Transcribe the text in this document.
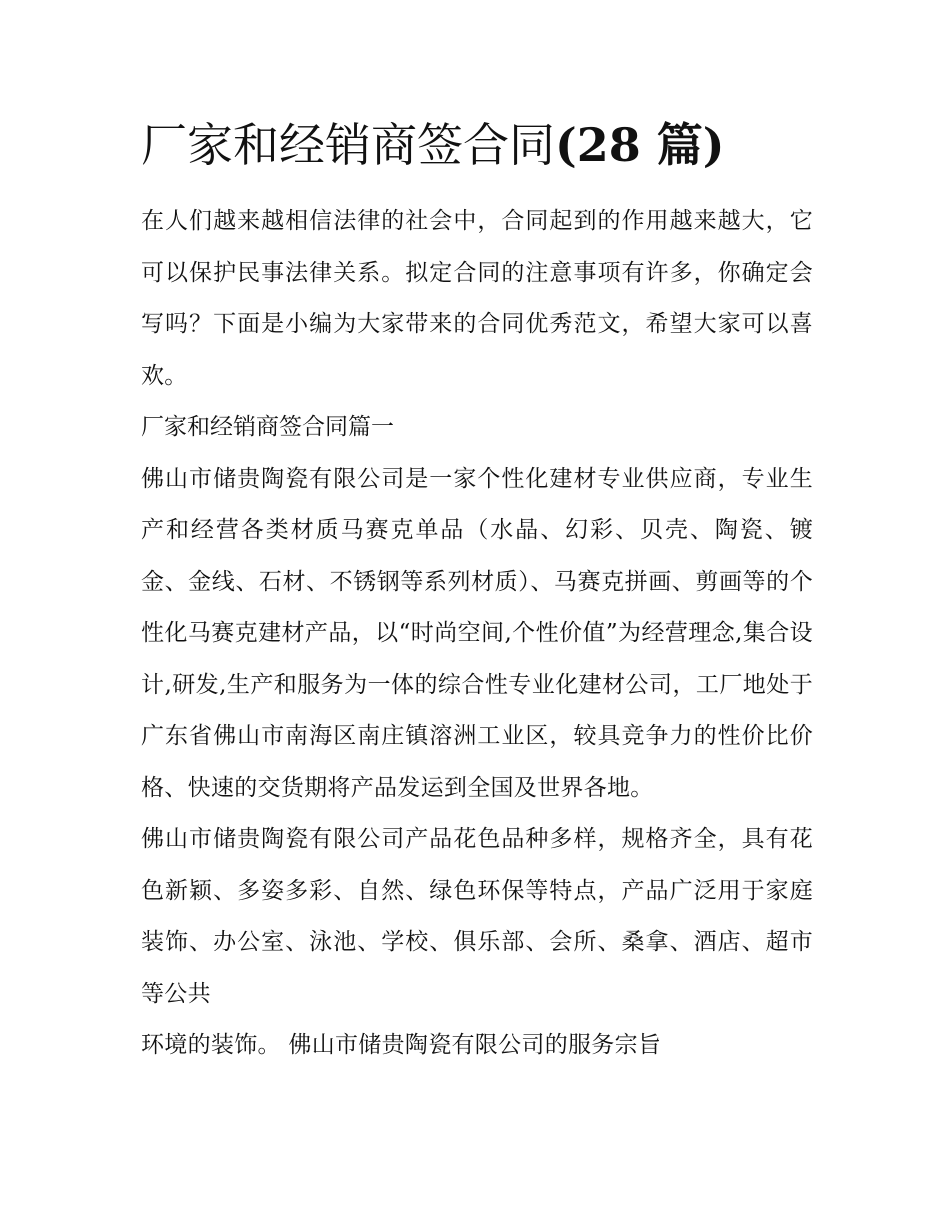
厂家和经销商签合同(28 篇)

在人们越来越相信法律的社会中，合同起到的作用越来越大，它可以保护民事法律关系。拟定合同的注意事项有许多，你确定会写吗？下面是小编为大家带来的合同优秀范文，希望大家可以喜欢。

厂家和经销商签合同篇一

佛山市储贵陶瓷有限公司是一家个性化建材专业供应商，专业生产和经营各类材质马赛克单品（水晶、幻彩、贝壳、陶瓷、镀金、金线、石材、不锈钢等系列材质）、马赛克拼画、剪画等的个性化马赛克建材产品，以“时尚空间,个性价值”为经营理念,集合设计,研发,生产和服务为一体的综合性专业化建材公司，工厂地处于广东省佛山市南海区南庄镇溶洲工业区，较具竞争力的性价比价格、快速的交货期将产品发运到全国及世界各地。

佛山市储贵陶瓷有限公司产品花色品种多样，规格齐全，具有花色新颖、多姿多彩、自然、绿色环保等特点，产品广泛用于家庭装饰、办公室、泳池、学校、俱乐部、会所、桑拿、酒店、超市等公共

环境的装饰。 佛山市储贵陶瓷有限公司的服务宗旨
